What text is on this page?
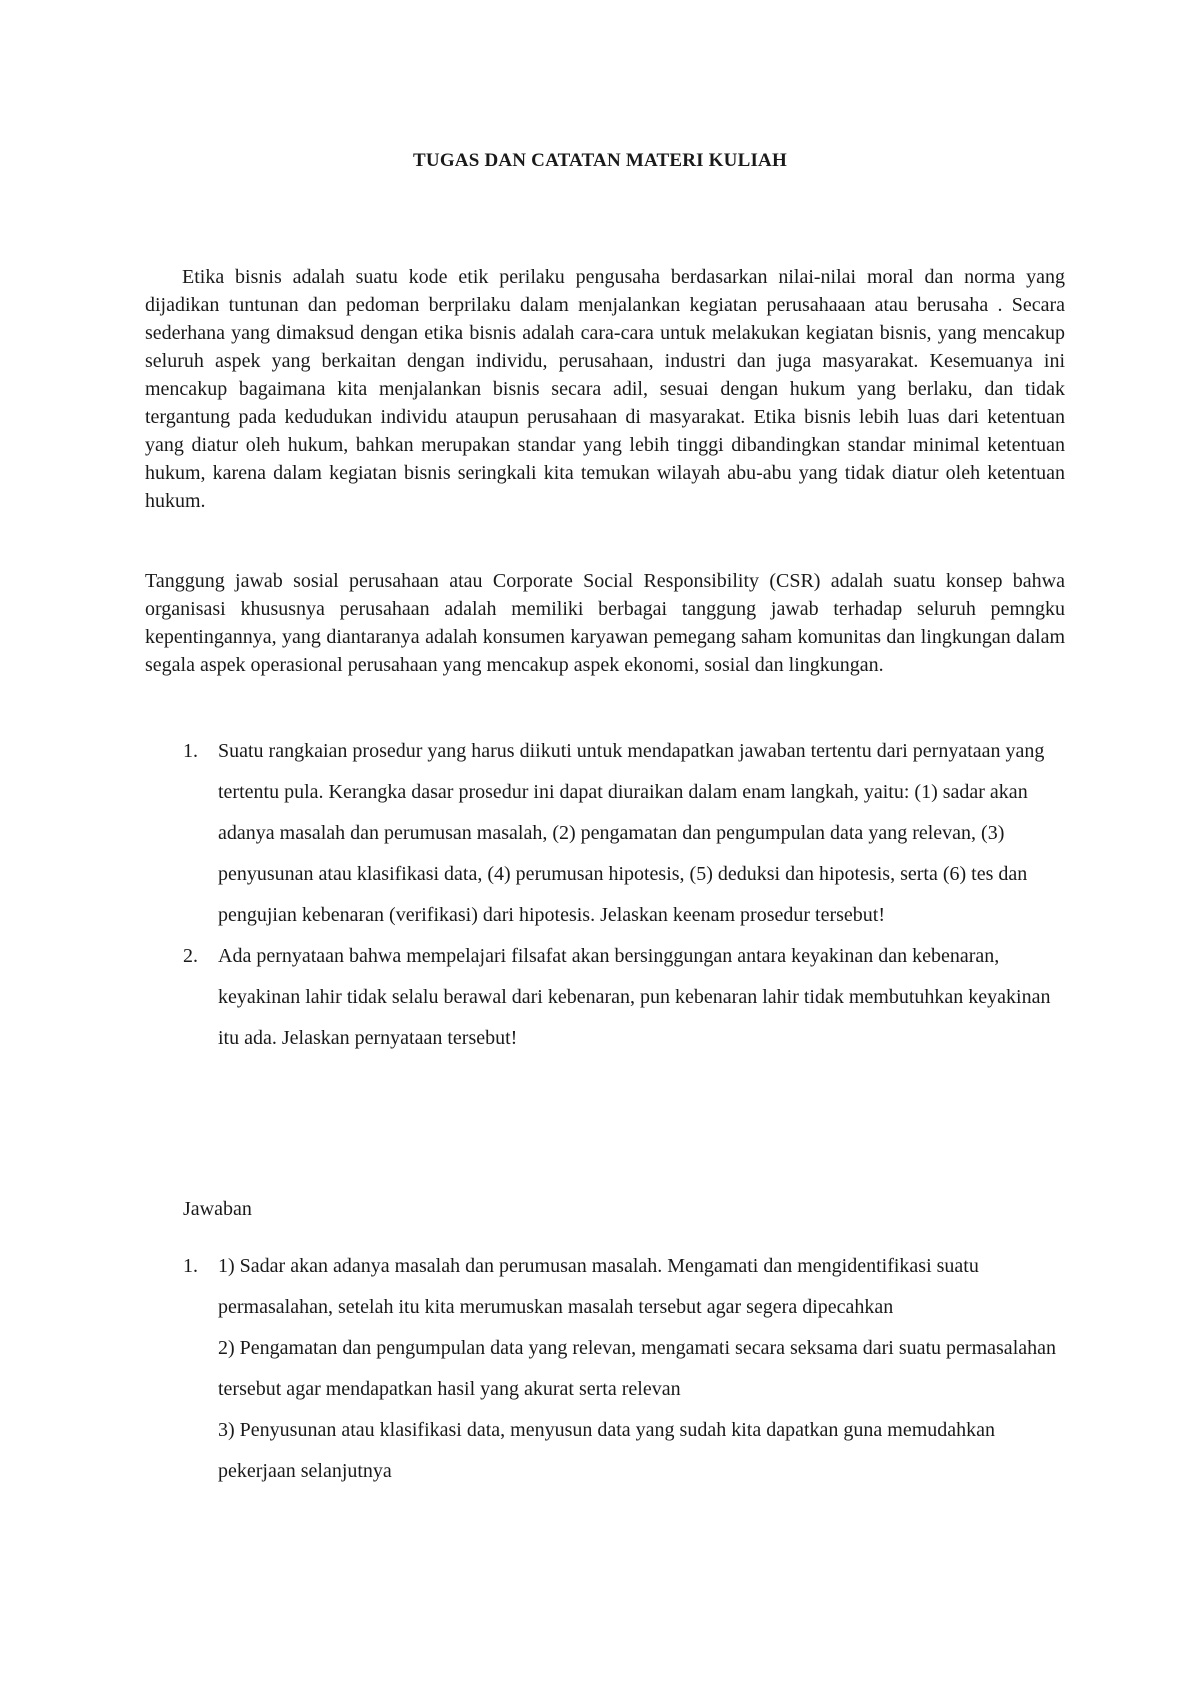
TUGAS DAN CATATAN MATERI KULIAH

Etika bisnis adalah suatu kode etik perilaku pengusaha berdasarkan nilai-nilai moral dan norma yang dijadikan tuntunan dan pedoman berprilaku dalam menjalankan kegiatan perusahaaan atau berusaha . Secara sederhana yang dimaksud dengan etika bisnis adalah cara-cara untuk melakukan kegiatan bisnis, yang mencakup seluruh aspek yang berkaitan dengan individu, perusahaan, industri dan juga masyarakat. Kesemuanya ini mencakup bagaimana kita menjalankan bisnis secara adil, sesuai dengan hukum yang berlaku, dan tidak tergantung pada kedudukan individu ataupun perusahaan di masyarakat. Etika bisnis lebih luas dari ketentuan yang diatur oleh hukum, bahkan merupakan standar yang lebih tinggi dibandingkan standar minimal ketentuan hukum, karena dalam kegiatan bisnis seringkali kita temukan wilayah abu-abu yang tidak diatur oleh ketentuan hukum.

Tanggung jawab sosial perusahaan atau Corporate Social Responsibility (CSR) adalah suatu konsep bahwa organisasi khususnya perusahaan adalah memiliki berbagai tanggung jawab terhadap seluruh pemngku kepentingannya, yang diantaranya adalah konsumen karyawan pemegang saham komunitas dan lingkungan dalam segala aspek operasional perusahaan yang mencakup aspek ekonomi, sosial dan lingkungan.

1. Suatu rangkaian prosedur yang harus diikuti untuk mendapatkan jawaban tertentu dari pernyataan yang tertentu pula. Kerangka dasar prosedur ini dapat diuraikan dalam enam langkah, yaitu: (1) sadar akan adanya masalah dan perumusan masalah, (2) pengamatan dan pengumpulan data yang relevan, (3) penyusunan atau klasifikasi data, (4) perumusan hipotesis, (5) deduksi dan hipotesis, serta (6) tes dan pengujian kebenaran (verifikasi) dari hipotesis. Jelaskan keenam prosedur tersebut!
2. Ada pernyataan bahwa mempelajari filsafat akan bersinggungan antara keyakinan dan kebenaran, keyakinan lahir tidak selalu berawal dari kebenaran, pun kebenaran lahir tidak membutuhkan keyakinan itu ada. Jelaskan pernyataan tersebut!
Jawaban
1. 1) Sadar akan adanya masalah dan perumusan masalah. Mengamati dan mengidentifikasi suatu permasalahan, setelah itu kita merumuskan masalah tersebut agar segera dipecahkan
2) Pengamatan dan pengumpulan data yang relevan, mengamati secara seksama dari suatu permasalahan tersebut agar mendapatkan hasil yang akurat serta relevan
3) Penyusunan atau klasifikasi data, menyusun data yang sudah kita dapatkan guna memudahkan pekerjaan selanjutnya
